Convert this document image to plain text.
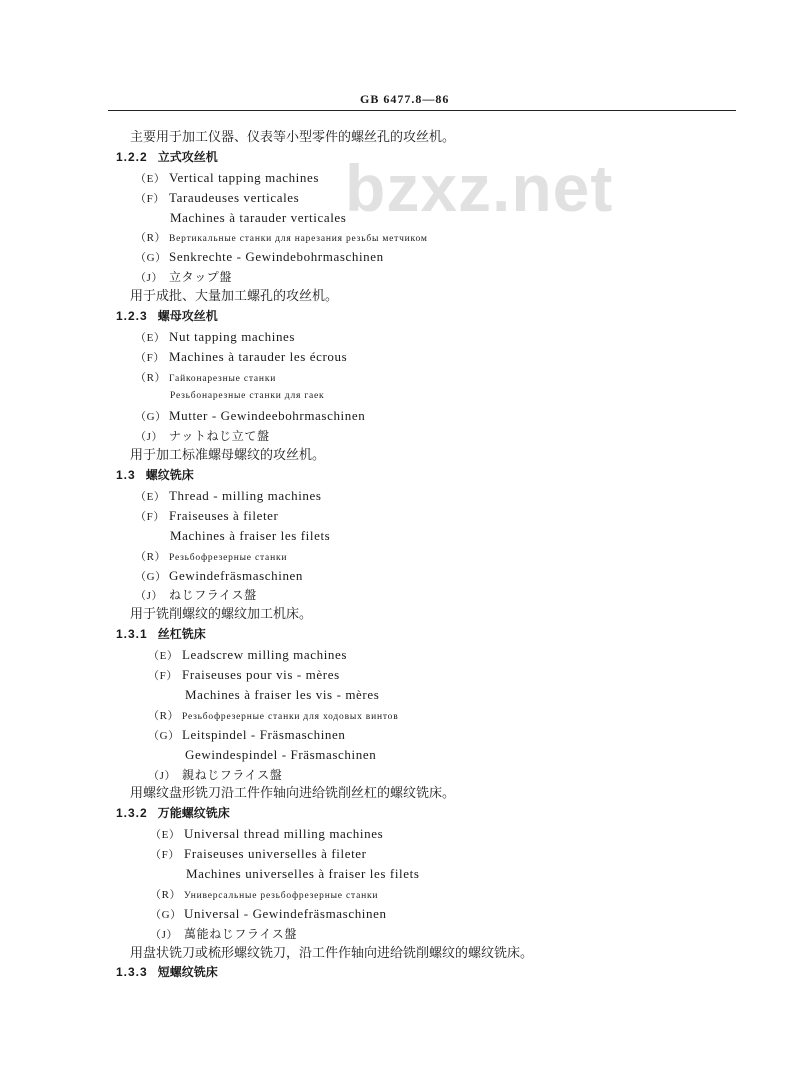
GB 6477.8—86
bzxz.net
主要用于加工仪器、仪表等小型零件的螺丝孔的攻丝机。
1.2.2 立式攻丝机
（E） Vertical tapping machines
（F） Taraudeuses verticales
Machines à tarauder verticales
（R） Вертикальные станки для нарезания резьбы метчиком
（G） Senkrechte - Gewindebohrmaschinen
（J） 立タップ盤
用于成批、大量加工螺孔的攻丝机。
1.2.3 螺母攻丝机
（E） Nut tapping machines
（F） Machines à tarauder les écrous
（R） Гайконарезные станки
Резьбонарезные станки для гаек
（G） Mutter - Gewindeebohrmaschinen
（J） ナットねじ立て盤
用于加工标准螺母螺纹的攻丝机。
1.3 螺纹铣床
（E） Thread - milling machines
（F） Fraiseuses à fileter
Machines à fraiser les filets
（R） Резьбофрезерные станки
（G） Gewindefräsmaschinen
（J） ねじフライス盤
用于铣削螺纹的螺纹加工机床。
1.3.1 丝杠铣床
（E） Leadscrew milling machines
（F） Fraiseuses pour vis - mères
Machines à fraiser les vis - mères
（R） Резьбофрезерные станки для ходовых винтов
（G） Leitspindel - Fräsmaschinen
Gewindespindel - Fräsmaschinen
（J） 親ねじフライス盤
用螺纹盘形铣刀沿工件作轴向进给铣削丝杠的螺纹铣床。
1.3.2 万能螺纹铣床
（E） Universal thread milling machines
（F） Fraiseuses universelles à fileter
Machines universelles à fraiser les filets
（R） Универсальные резьбофрезерные станки
（G） Universal - Gewindefräsmaschinen
（J） 萬能ねじフライス盤
用盘状铣刀或梳形螺纹铣刀，沿工件作轴向进给铣削螺纹的螺纹铣床。
1.3.3 短螺纹铣床
